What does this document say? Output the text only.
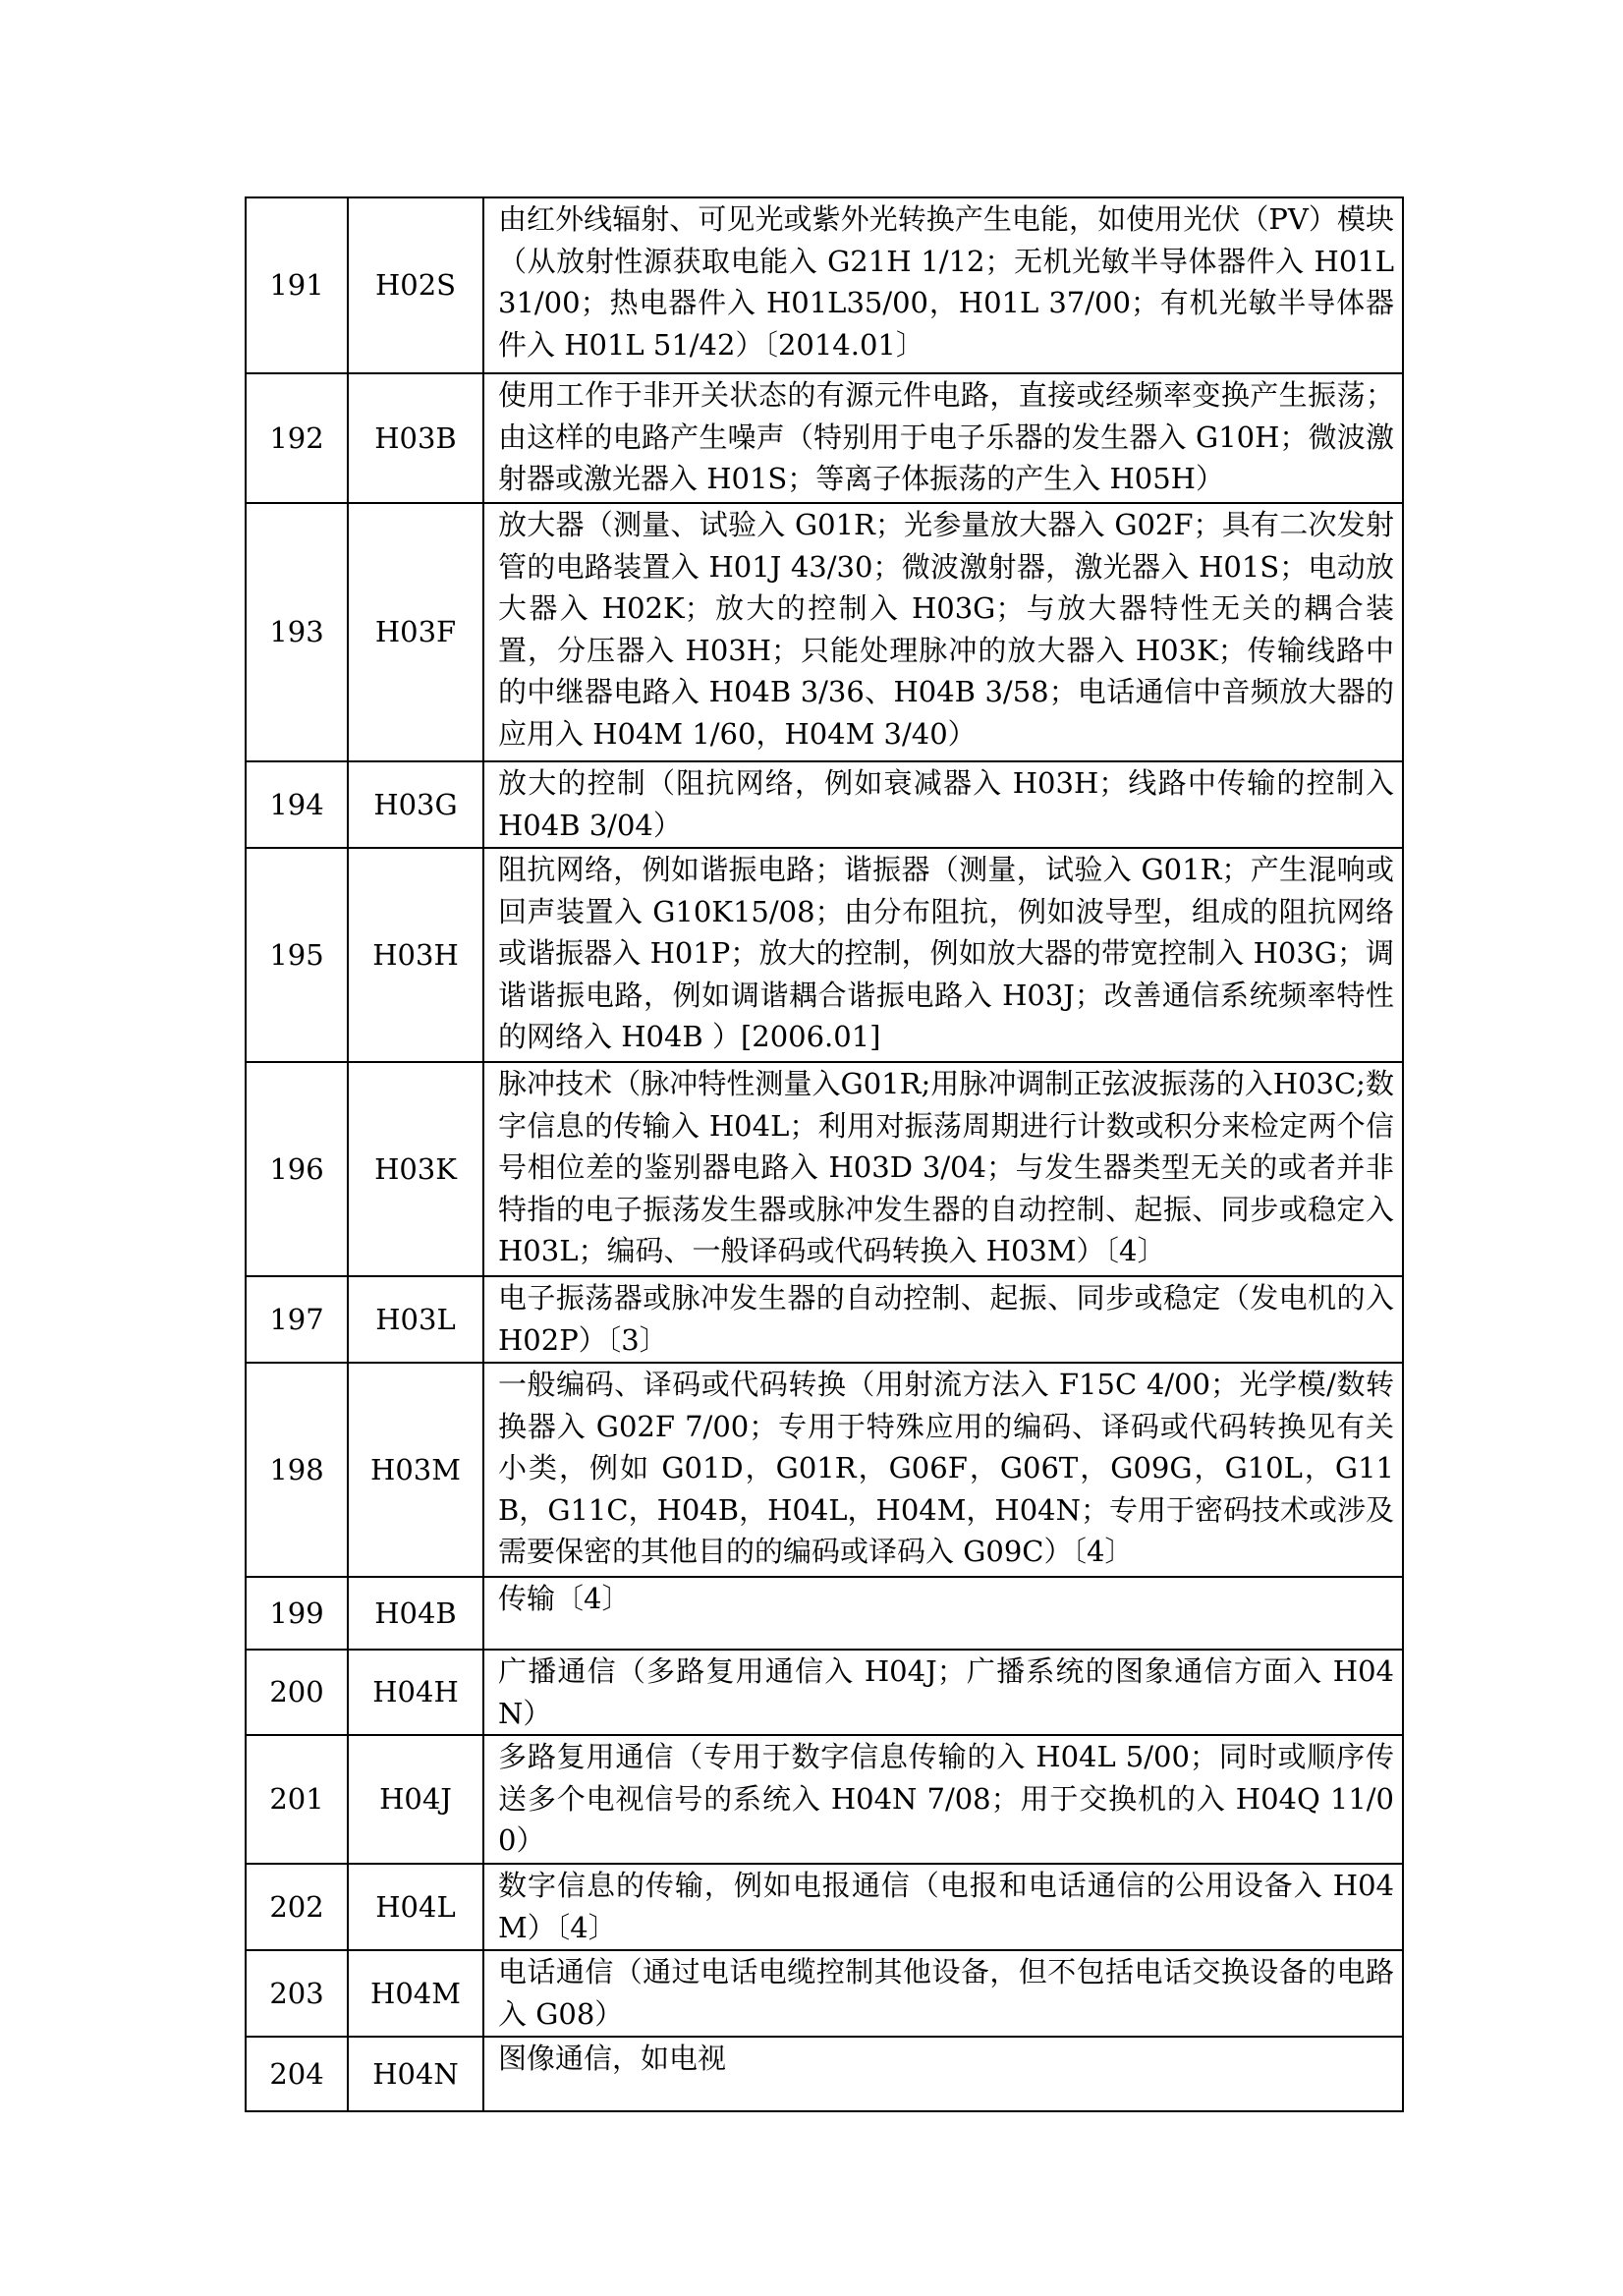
191	H02S	由红外线辐射、可见光或紫外光转换产生电能，如使用光伏（PV）模块（从放射性源获取电能入 G21H 1/12；无机光敏半导体器件入 H01L 31/00；热电器件入 H01L35/00，H01L 37/00；有机光敏半导体器件入 H01L 51/42）〔2014.01〕
192	H03B	使用工作于非开关状态的有源元件电路，直接或经频率变换产生振荡；由这样的电路产生噪声（特别用于电子乐器的发生器入 G10H；微波激射器或激光器入 H01S；等离子体振荡的产生入 H05H）
193	H03F	放大器（测量、试验入 G01R；光参量放大器入 G02F；具有二次发射管的电路装置入 H01J 43/30；微波激射器，激光器入 H01S；电动放大器入 H02K；放大的控制入 H03G；与放大器特性无关的耦合装置，分压器入 H03H；只能处理脉冲的放大器入 H03K；传输线路中的中继器电路入 H04B 3/36、H04B 3/58；电话通信中音频放大器的应用入 H04M 1/60，H04M 3/40）
194	H03G	放大的控制（阻抗网络，例如衰减器入 H03H；线路中传输的控制入 H04B 3/04）
195	H03H	阻抗网络，例如谐振电路；谐振器（测量，试验入 G01R；产生混响或回声装置入 G10K15/08；由分布阻抗，例如波导型，组成的阻抗网络或谐振器入 H01P；放大的控制，例如放大器的带宽控制入 H03G；调谐谐振电路，例如调谐耦合谐振电路入 H03J；改善通信系统频率特性的网络入 H04B ）[2006.01]
196	H03K	脉冲技术（脉冲特性测量入G01R;用脉冲调制正弦波振荡的入H03C;数字信息的传输入 H04L；利用对振荡周期进行计数或积分来检定两个信号相位差的鉴别器电路入 H03D 3/04；与发生器类型无关的或者并非特指的电子振荡发生器或脉冲发生器的自动控制、起振、同步或稳定入 H03L；编码、一般译码或代码转换入 H03M）〔4〕
197	H03L	电子振荡器或脉冲发生器的自动控制、起振、同步或稳定（发电机的入 H02P）〔3〕
198	H03M	一般编码、译码或代码转换（用射流方法入 F15C 4/00；光学模/数转换器入 G02F 7/00；专用于特殊应用的编码、译码或代码转换见有关小类，例如 G01D，G01R，G06F，G06T，G09G，G10L，G11B，G11C，H04B，H04L，H04M，H04N；专用于密码技术或涉及需要保密的其他目的的编码或译码入 G09C）〔4〕
199	H04B	传输〔4〕
200	H04H	广播通信（多路复用通信入 H04J；广播系统的图象通信方面入 H04N）
201	H04J	多路复用通信（专用于数字信息传输的入 H04L 5/00；同时或顺序传送多个电视信号的系统入 H04N 7/08；用于交换机的入 H04Q 11/00）
202	H04L	数字信息的传输，例如电报通信（电报和电话通信的公用设备入 H04M）〔4〕
203	H04M	电话通信（通过电话电缆控制其他设备，但不包括电话交换设备的电路入 G08）
204	H04N	图像通信，如电视
